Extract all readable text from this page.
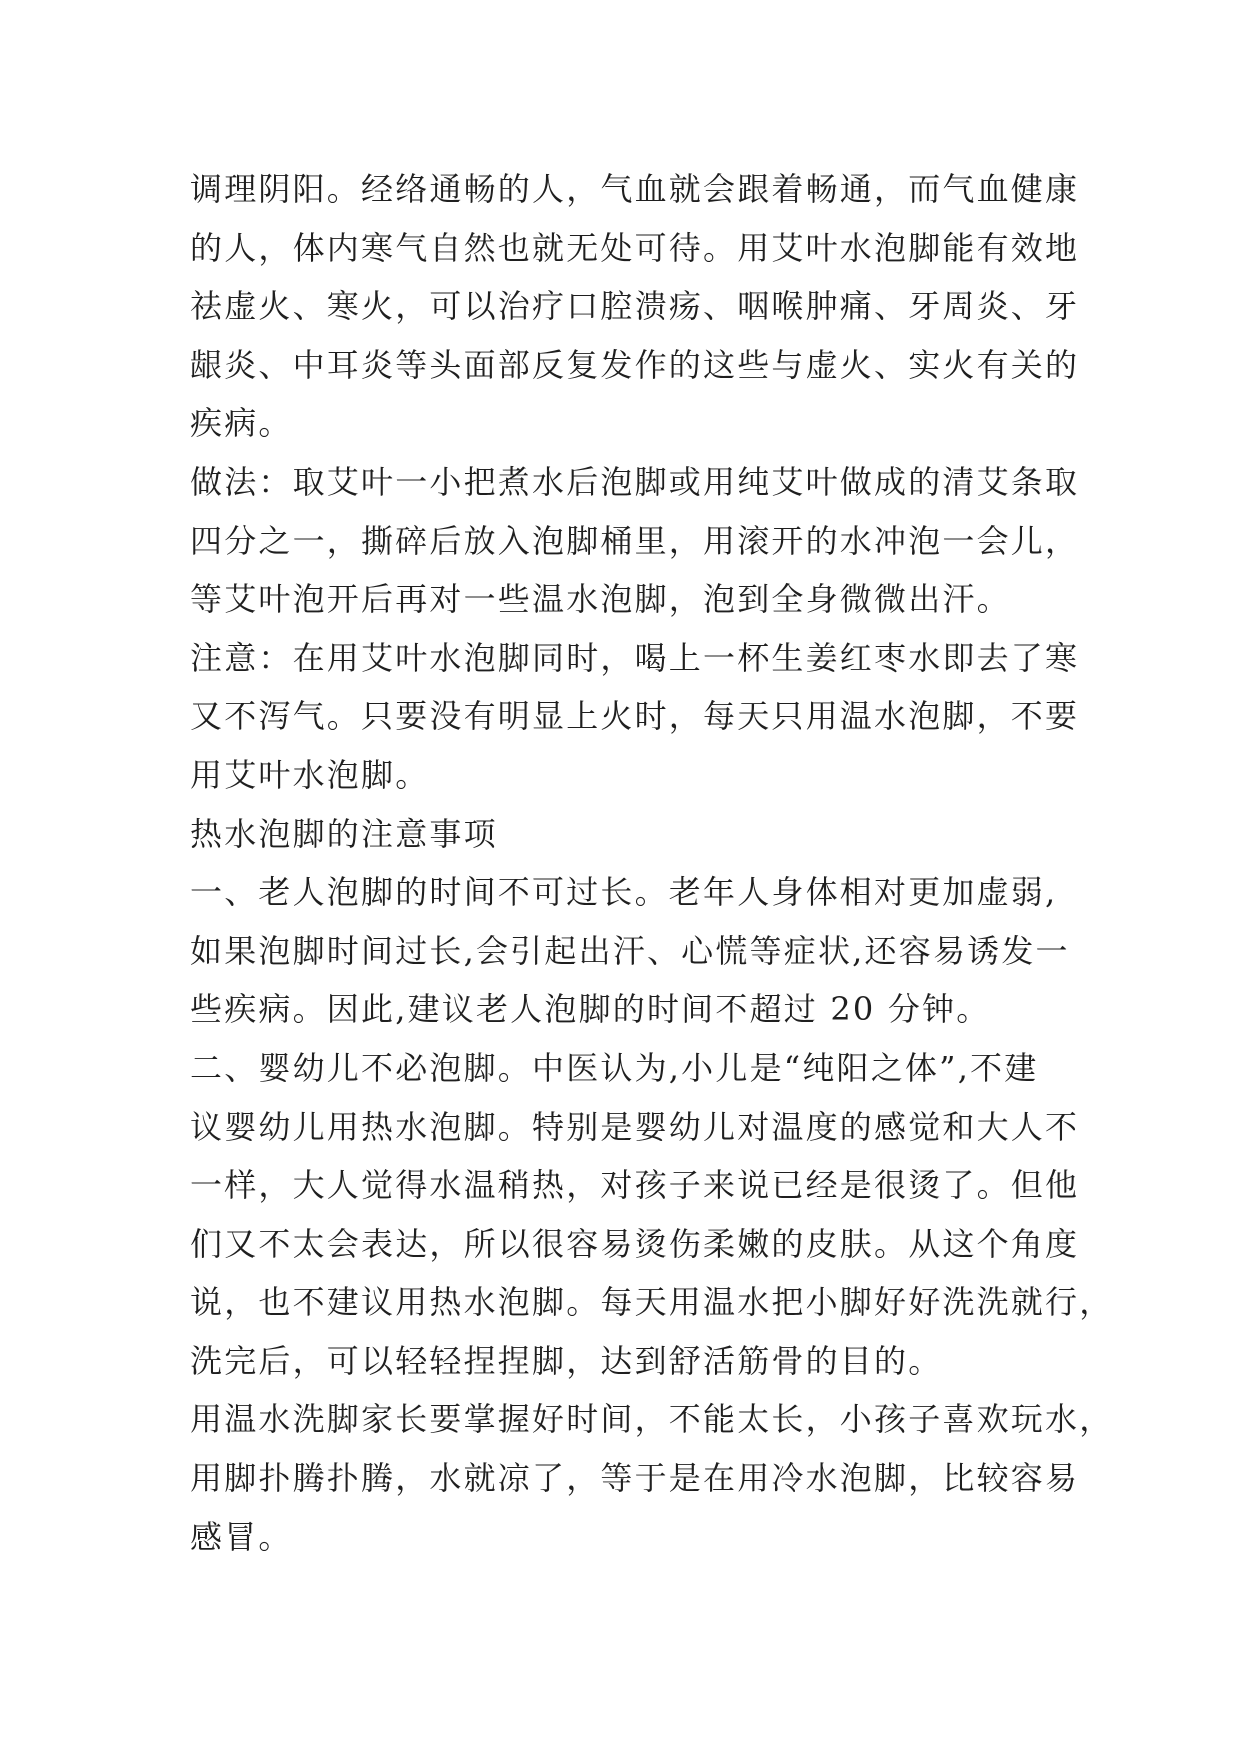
调理阴阳。经络通畅的人，气血就会跟着畅通，而气血健康
的人，体内寒气自然也就无处可待。用艾叶水泡脚能有效地
祛虚火、寒火，可以治疗口腔溃疡、咽喉肿痛、牙周炎、牙
龈炎、中耳炎等头面部反复发作的这些与虚火、实火有关的
疾病。

做法：取艾叶一小把煮水后泡脚或用纯艾叶做成的清艾条取
四分之一，撕碎后放入泡脚桶里，用滚开的水冲泡一会儿，
等艾叶泡开后再对一些温水泡脚，泡到全身微微出汗。

注意：在用艾叶水泡脚同时，喝上一杯生姜红枣水即去了寒
又不泻气。只要没有明显上火时，每天只用温水泡脚，不要
用艾叶水泡脚。

热水泡脚的注意事项

一、老人泡脚的时间不可过长。老年人身体相对更加虚弱,
如果泡脚时间过长,会引起出汗、心慌等症状,还容易诱发一
些疾病。因此,建议老人泡脚的时间不超过 20 分钟。

二、婴幼儿不必泡脚。中医认为,小儿是“纯阳之体”,不建
议婴幼儿用热水泡脚。特别是婴幼儿对温度的感觉和大人不
一样，大人觉得水温稍热，对孩子来说已经是很烫了。但他
们又不太会表达，所以很容易烫伤柔嫩的皮肤。从这个角度
说，也不建议用热水泡脚。每天用温水把小脚好好洗洗就行，
洗完后，可以轻轻捏捏脚，达到舒活筋骨的目的。

用温水洗脚家长要掌握好时间，不能太长，小孩子喜欢玩水，
用脚扑腾扑腾，水就凉了，等于是在用冷水泡脚，比较容易
感冒。
